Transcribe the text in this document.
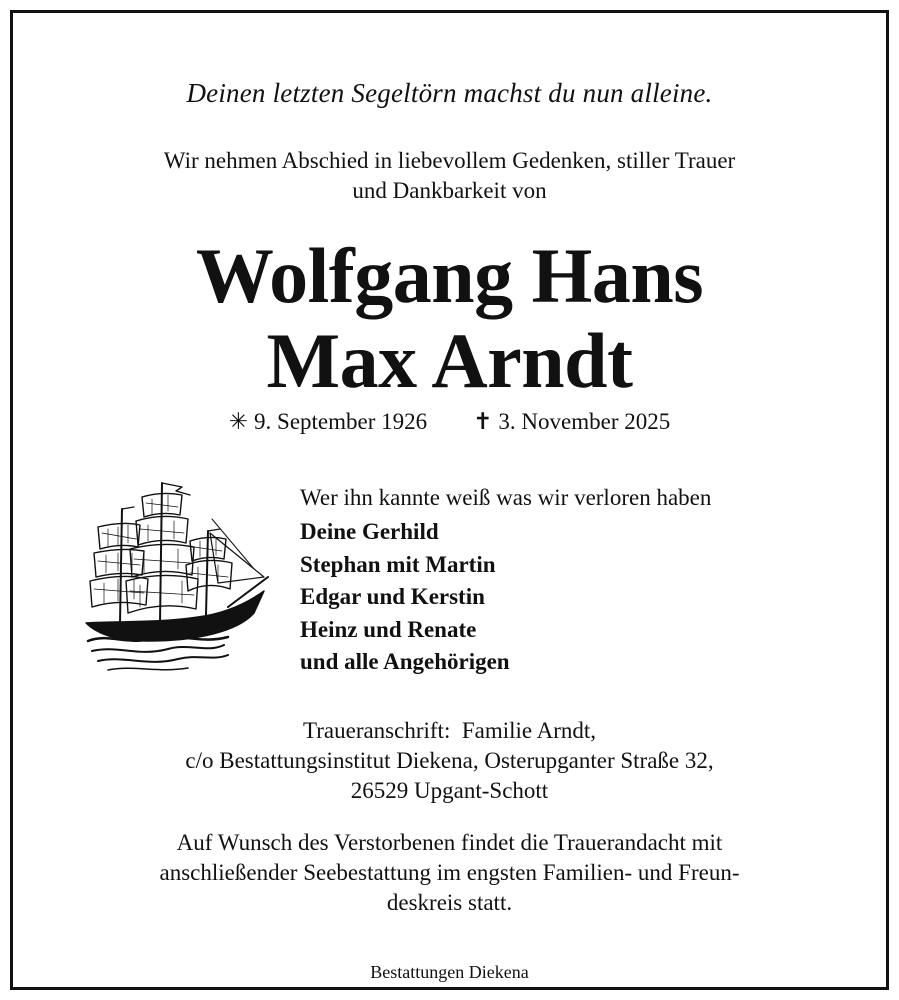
Deinen letzten Segeltörn machst du nun alleine.
Wir nehmen Abschied in liebevollem Gedenken, stiller Trauer
und Dankbarkeit von
Wolfgang Hans
Max Arndt
✳ 9. September 1926 ✝ 3. November 2025
Wer ihn kannte weiß was wir verloren haben
Deine Gerhild
Stephan mit Martin
Edgar und Kerstin
Heinz und Renate
und alle Angehörigen
Traueranschrift:  Familie Arndt,
c/o Bestattungsinstitut Diekena, Osterupganter Straße 32,
26529 Upgant-Schott
Auf Wunsch des Verstorbenen findet die Trauerandacht mit
anschließender Seebestattung im engsten Familien- und Freun-
deskreis statt.
Bestattungen Diekena
